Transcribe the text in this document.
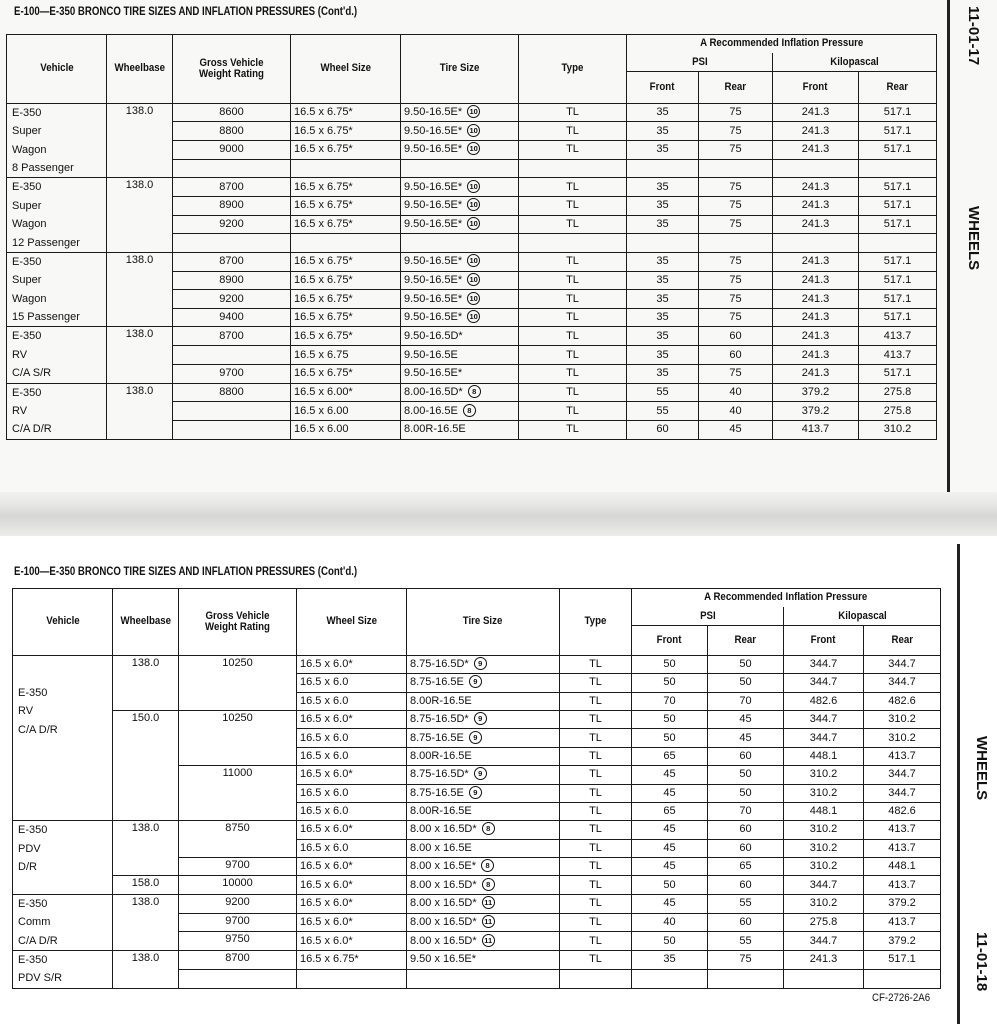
E-100—E-350 BRONCO TIRE SIZES AND INFLATION PRESSURES (Cont'd.)	11-01-17
WHEELS
Vehicle	Wheelbase	Gross Vehicle Weight Rating	Wheel Size	Tire Size	Type	A Recommended Inflation Pressure			
						PSI		Kilopascal	
						Front	Rear	Front	Rear

E-350
Super
Wagon
8 Passenger	138.0	8600	16.5 x 6.75*	9.50-16.5E* 10	TL	35	75	241.3	517.1
		8800	16.5 x 6.75*	9.50-16.5E* 10	TL	35	75	241.3	517.1
		9000	16.5 x 6.75*	9.50-16.5E* 10	TL	35	75	241.3	517.1

E-350
Super
Wagon
12 Passenger	138.0	8700	16.5 x 6.75*	9.50-16.5E* 10	TL	35	75	241.3	517.1
		8900	16.5 x 6.75*	9.50-16.5E* 10	TL	35	75	241.3	517.1
		9200	16.5 x 6.75*	9.50-16.5E* 10	TL	35	75	241.3	517.1

E-350
Super
Wagon
15 Passenger	138.0	8700	16.5 x 6.75*	9.50-16.5E* 10	TL	35	75	241.3	517.1
		8900	16.5 x 6.75*	9.50-16.5E* 10	TL	35	75	241.3	517.1
		9200	16.5 x 6.75*	9.50-16.5E* 10	TL	35	75	241.3	517.1
		9400	16.5 x 6.75*	9.50-16.5E* 10	TL	35	75	241.3	517.1

E-350
RV
C/A S/R	138.0	8700	16.5 x 6.75*	9.50-16.5D*	TL	35	60	241.3	413.7
			16.5 x 6.75	9.50-16.5E	TL	35	60	241.3	413.7
		9700	16.5 x 6.75*	9.50-16.5E*	TL	35	75	241.3	517.1

E-350
RV
C/A D/R	138.0	8800	16.5 x 6.00*	8.00-16.5D* 8	TL	55	40	379.2	275.8
			16.5 x 6.00	8.00-16.5E 8	TL	55	40	379.2	275.8
			16.5 x 6.00	8.00R-16.5E	TL	60	45	413.7	310.2
E-100—E-350 BRONCO TIRE SIZES AND INFLATION PRESSURES (Cont'd.)
WHEELS
11-01-18
CF-2726-2A6
Vehicle	Wheelbase	Gross Vehicle Weight Rating	Wheel Size	Tire Size	Type	A Recommended Inflation Pressure			
						PSI		Kilopascal	
						Front	Rear	Front	Rear

E-350
RV
C/A D/R	138.0	10250	16.5 x 6.0*	8.75-16.5D* 9	TL	50	50	344.7	344.7
			16.5 x 6.0	8.75-16.5E 9	TL	50	50	344.7	344.7
			16.5 x 6.0	8.00R-16.5E	TL	70	70	482.6	482.6
	150.0	10250	16.5 x 6.0*	8.75-16.5D* 9	TL	50	45	344.7	310.2
			16.5 x 6.0	8.75-16.5E 9	TL	50	45	344.7	310.2
			16.5 x 6.0	8.00R-16.5E	TL	65	60	448.1	413.7
		11000	16.5 x 6.0*	8.75-16.5D* 9	TL	45	50	310.2	344.7
			16.5 x 6.0	8.75-16.5E 9	TL	45	50	310.2	344.7
			16.5 x 6.0	8.00R-16.5E	TL	65	70	448.1	482.6

E-350
PDV
D/R	138.0	8750	16.5 x 6.0*	8.00 x 16.5D* 8	TL	45	60	310.2	413.7
			16.5 x 6.0	8.00 x 16.5E	TL	45	60	310.2	413.7
		9700	16.5 x 6.0*	8.00 x 16.5E* 8	TL	45	65	310.2	448.1
	158.0	10000	16.5 x 6.0*	8.00 x 16.5D* 8	TL	50	60	344.7	413.7

E-350
Comm
C/A D/R	138.0	9200	16.5 x 6.0*	8.00 x 16.5D* 11	TL	45	55	310.2	379.2
		9700	16.5 x 6.0*	8.00 x 16.5D* 11	TL	40	60	275.8	413.7
		9750	16.5 x 6.0*	8.00 x 16.5D* 11	TL	50	55	344.7	379.2

E-350
PDV S/R	138.0	8700	16.5 x 6.75*	9.50 x 16.5E*	TL	35	75	241.3	517.1
